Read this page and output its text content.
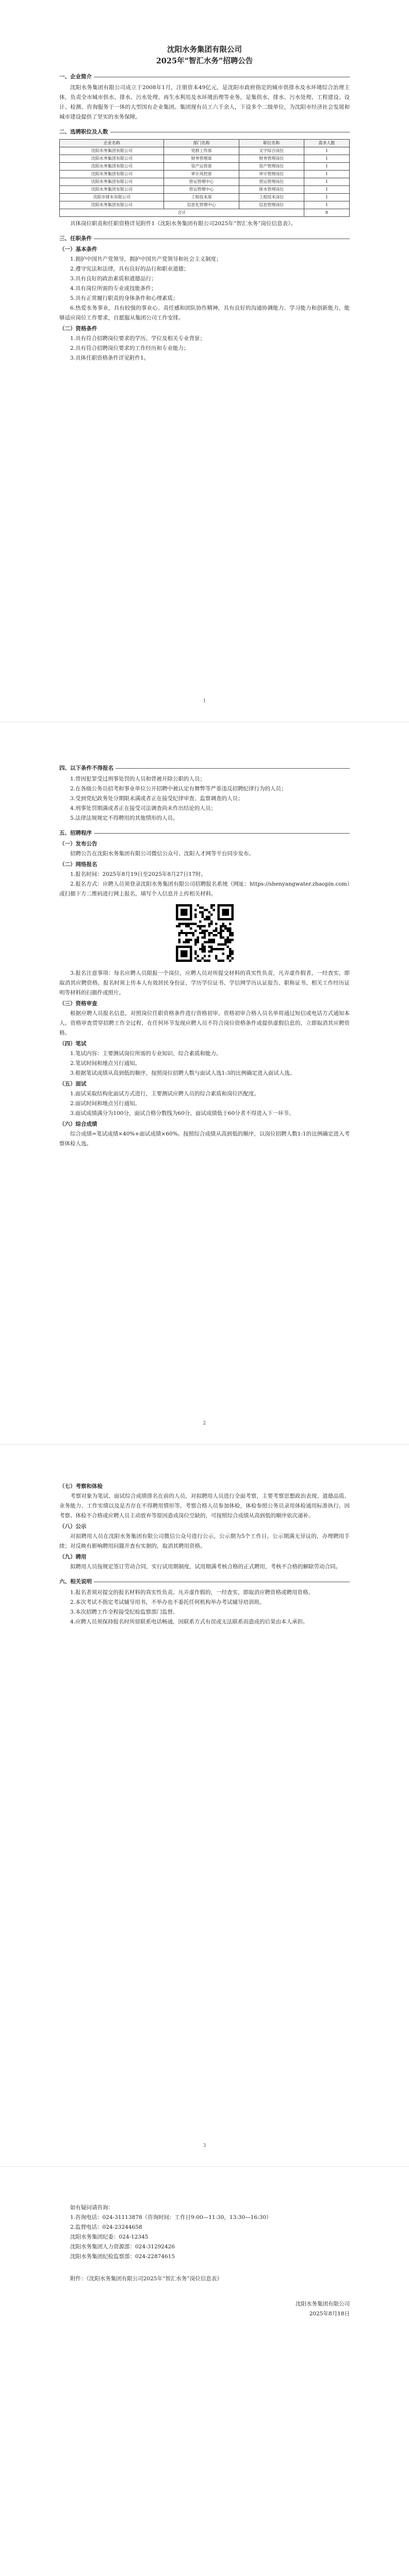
沈阳水务集团有限公司
2025年“智汇水务”招聘公告
一、企业简介

沈阳水务集团有限公司成立于2008年1月，注册资本49亿元，是沈阳市政府指定的城市供排水及水环境综合治理主体，负责全市城市供水、排水、污水处理、再生水利用及水环境治理等业务，是集供水、排水、污水处理、工程建设、设计、检测、咨询服务于一体的大型国有企业集团。集团现有员工六千余人，下设多个二级单位，为沈阳市经济社会发展和城市建设提供了坚实的水务保障。

二、选聘职位及人数
企业名称	部门名称	职位名称	需求人数
沈阳水务集团有限公司	党群工作部	文字综合岗位	1
沈阳水务集团有限公司	财务管理部	财务管理岗位	1
沈阳水务集团有限公司	资产运营部	资产管理岗位	1
沈阳水务集团有限公司	审计风控部	审计管理岗位	1
沈阳水务集团有限公司	营运管理中心	营运管理岗位	1
沈阳水务集团有限公司	营运管理中心	排水管理岗位	1
沈阳市排水有限公司	工程技术部	工程技术岗位	1
沈阳水务集团有限公司	信息化管理中心	信息管理岗位	1
合计			8

具体岗位职责和任职资格详见附件1《沈阳水务集团有限公司2025年“智汇水务”岗位信息表》。

三、任职条件
（一）基本条件

1.拥护中国共产党领导，拥护中国共产党领导和社会主义制度；

2.遵守宪法和法律，具有良好的品行和职业道德；

3.具有良好的政治素质和道德品行；

4.具有岗位所需的专业或技能条件；

5.具有正常履行职责的身体条件和心理素质；

6.热爱水务事业，具有较强的事业心、责任感和团队协作精神，具有良好的沟通协调能力、学习能力和创新能力，能够适应岗位工作要求，自愿服从集团公司工作安排。

（二）资格条件

1.具有符合招聘岗位要求的学历、学位及相关专业背景；

2.具有符合招聘岗位要求的工作经历和专业能力；

3.具体任职资格条件详见附件1。

1
四、以下条件不得报名

1.曾因犯罪受过刑事处罚的人员和曾被开除公职的人员；

2.在各级公务员招考和事业单位公开招聘中被认定有舞弊等严重违反招聘纪律行为的人员；

3.受到党纪政务处分期限未满或者正在接受纪律审查、监察调查的人员；

4.刑事处罚期满或者正在接受司法调查尚未作出结论的人员；

5.法律法规规定不得聘用的其他情形的人员。

五、招聘程序
（一）发布公告

招聘公告在沈阳水务集团有限公司微信公众号、沈阳人才网等平台同步发布。

（二）网络报名

1.报名时间：2025年8月19日至2025年8月27日17时。

2.报名方式：应聘人员须登录沈阳水务集团有限公司招聘报名系统（网址：https://shenyangwater.zhaopin.com）或扫描下方二维码进行网上报名，填写个人信息并上传相关材料。

3.报名注意事项：每名应聘人员限报一个岗位，应聘人员对所提交材料的真实性负责，凡弄虚作假者，一经查实，即取消其应聘资格。报名时须上传本人有效居民身份证、学历学位证书、学信网学历认证报告、职称证书、相关工作经历证明等材料的扫描件或照片。

（三）资格审查

根据应聘人员报名信息，对照岗位任职资格条件进行资格初审。资格初审合格人员名单将通过短信或电话方式通知本人。资格审查贯穿招聘工作全过程，在任何环节发现应聘人员不符合岗位资格条件或提供虚假信息的，立即取消其应聘资格。

（四）笔试

1.笔试内容：主要测试岗位所需的专业知识、综合素质和能力。

2.笔试时间和地点另行通知。

3.根据笔试成绩从高到低的顺序，按照岗位招聘人数与面试人选1:3的比例确定进入面试人选。

（五）面试

1.面试采取结构化面试方式进行，主要测试应聘人员的综合素质和岗位匹配度。

2.面试时间和地点另行通知。

3.面试成绩满分为100分，面试合格分数线为60分，面试成绩低于60分者不得进入下一环节。

（六）综合成绩

综合成绩=笔试成绩×40%+面试成绩×60%。按照综合成绩从高到低的顺序，以岗位招聘人数1:1的比例确定进入考察体检人选。

2
（七）考察和体检

考察对象为笔试、面试综合成绩排名在前的人员，对拟聘用人员进行全面考察，主要考察思想政治表现、道德品质、业务能力、工作实绩以及是否存在不得聘用情形等。考察合格人员参加体检，体检参照公务员录用体检通用标准执行。因考察、体检不合格或应聘人员主动放弃等原因造成岗位空缺的，可按照综合成绩从高到低的顺序依次递补。

（八）公示

对拟聘用人员在沈阳水务集团有限公司微信公众号进行公示，公示期为5个工作日。公示期满无异议的，办理聘用手续；对反映有影响聘用问题并查有实据的，取消其聘用资格。

（九）聘用

拟聘用人员按规定签订劳动合同，实行试用期制度，试用期满考核合格的正式聘用，考核不合格的解除劳动合同。

六、相关说明

1.报名者须对提交的报名材料的真实性负责。凡弄虚作假的，一经查实，即取消应聘资格或聘用资格。

2.本次考试不指定考试辅导用书，不举办也不委托任何机构举办考试辅导培训班。

3.本次招聘工作全程接受纪检监察部门监督。

4.应聘人员须保持报名时所留联系电话畅通，因联系方式有误或无法联系而造成的后果由本人承担。

3

如有疑问请咨询：

1.咨询电话：024-31113878（咨询时间：工作日9:00—11:30，13:30—16:30）

2.监督电话：024-23244658

沈阳水务集团纪委：024-12345

沈阳水务集团人力资源部：024-31292426

沈阳水务集团纪检监察部：024-22874615

附件：《沈阳水务集团有限公司2025年“智汇水务”岗位信息表》

沈阳水务集团有限公司

2025年8月18日
